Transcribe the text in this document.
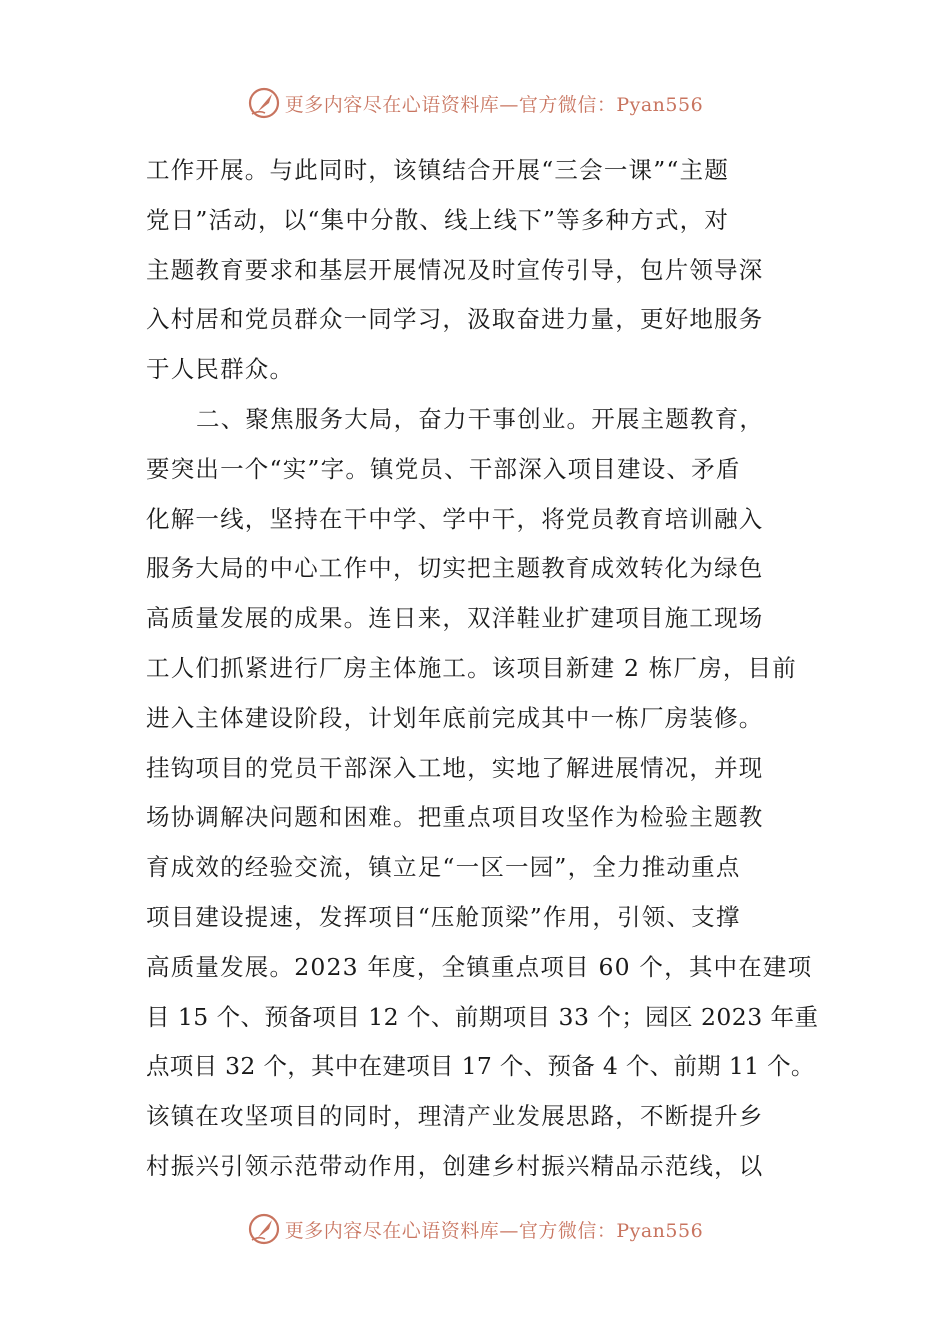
更多内容尽在心语资料库—官方微信：Pyan556

工作开展。与此同时，该镇结合开展“三会一课”“主题
党日”活动，以“集中分散、线上线下”等多种方式，对
主题教育要求和基层开展情况及时宣传引导，包片领导深
入村居和党员群众一同学习，汲取奋进力量，更好地服务
于人民群众。

二、聚焦服务大局，奋力干事创业。开展主题教育，
要突出一个“实”字。镇党员、干部深入项目建设、矛盾
化解一线，坚持在干中学、学中干，将党员教育培训融入
服务大局的中心工作中，切实把主题教育成效转化为绿色
高质量发展的成果。连日来，双洋鞋业扩建项目施工现场
工人们抓紧进行厂房主体施工。该项目新建 2 栋厂房，目前
进入主体建设阶段，计划年底前完成其中一栋厂房装修。
挂钩项目的党员干部深入工地，实地了解进展情况，并现
场协调解决问题和困难。把重点项目攻坚作为检验主题教
育成效的经验交流，镇立足“一区一园”，全力推动重点
项目建设提速，发挥项目“压舱顶梁”作用，引领、支撑
高质量发展。2023 年度，全镇重点项目 60 个，其中在建项
目 15 个、预备项目 12 个、前期项目 33 个；园区 2023 年重
点项目 32 个，其中在建项目 17 个、预备 4 个、前期 11 个。
该镇在攻坚项目的同时，理清产业发展思路，不断提升乡
村振兴引领示范带动作用，创建乡村振兴精品示范线，以

更多内容尽在心语资料库—官方微信：Pyan556
